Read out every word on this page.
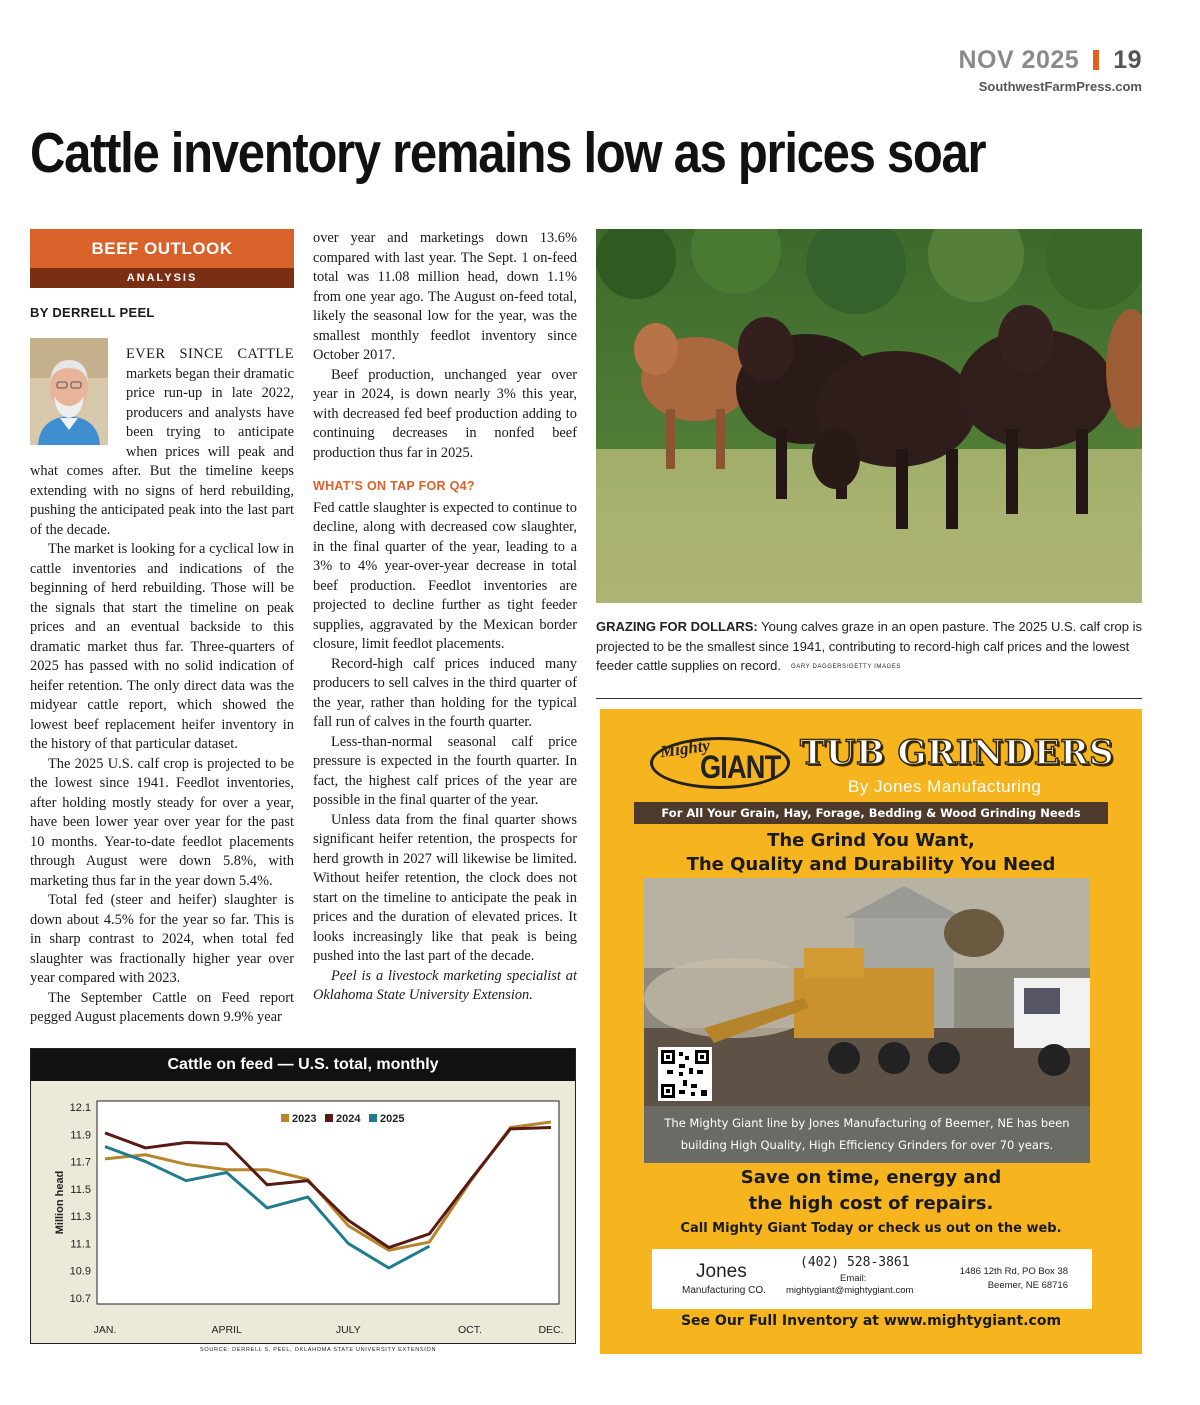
NOV 2025 19
SouthwestFarmPress.com
Cattle inventory remains low as prices soar
BEEF OUTLOOK
ANALYSIS
BY DERRELL PEEL

EVER SINCE CATTLE markets began their dramatic price run-up in late 2022, producers and analysts have been trying to anticipate when prices will peak and what comes after. But the timeline keeps extending with no signs of herd rebuilding, pushing the anticipated peak into the last part of the decade.

The market is looking for a cyclical low in cattle inventories and indications of the beginning of herd rebuilding. Those will be the signals that start the timeline on peak prices and an eventual backside to this dramatic market thus far. Three-quarters of 2025 has passed with no solid indication of heifer retention. The only direct data was the midyear cattle report, which showed the lowest beef replacement heifer inventory in the history of that particular dataset.

The 2025 U.S. calf crop is projected to be the lowest since 1941. Feedlot inventories, after holding mostly steady for over a year, have been lower year over year for the past 10 months. Year-to-date feedlot placements through August were down 5.8%, with marketing thus far in the year down 5.4%.

Total fed (steer and heifer) slaughter is down about 4.5% for the year so far. This is in sharp contrast to 2024, when total fed slaughter was fractionally higher year over year compared with 2023.

The September Cattle on Feed report pegged August placements down 9.9% year

over year and marketings down 13.6% compared with last year. The Sept. 1 on-feed total was 11.08 million head, down 1.1% from one year ago. The August on-feed total, likely the seasonal low for the year, was the smallest monthly feedlot inventory since October 2017.

Beef production, unchanged year over year in 2024, is down nearly 3% this year, with decreased fed beef production adding to continuing decreases in nonfed beef production thus far in 2025.

WHAT’S ON TAP FOR Q4?

Fed cattle slaughter is expected to continue to decline, along with decreased cow slaughter, in the final quarter of the year, leading to a 3% to 4% year-over-year decrease in total beef production. Feedlot inventories are projected to decline further as tight feeder supplies, aggravated by the Mexican border closure, limit feedlot placements.

Record-high calf prices induced many producers to sell calves in the third quarter of the year, rather than holding for the typical fall run of calves in the fourth quarter.

Less-than-normal seasonal calf price pressure is expected in the fourth quarter. In fact, the highest calf prices of the year are possible in the final quarter of the year.

Unless data from the final quarter shows significant heifer retention, the prospects for herd growth in 2027 will likewise be limited. Without heifer retention, the clock does not start on the timeline to anticipate the peak in prices and the duration of elevated prices. It looks increasingly like that peak is being pushed into the last part of the decade.

Peel is a livestock marketing specialist at Oklahoma State University Extension.

GRAZING FOR DOLLARS: Young calves graze in an open pasture. The 2025 U.S. calf crop is projected to be the smallest since 1941, contributing to record-high calf prices and the lowest feeder cattle supplies on record. GARY DAGGERS/GETTY IMAGES
Mighty
GIANT TUB GRINDERS
By Jones Manufacturing
For All Your Grain, Hay, Forage, Bedding & Wood Grinding Needs
The Grind You Want,
The Quality and Durability You Need
The Mighty Giant line by Jones Manufacturing of Beemer, NE has been
building High Quality, High Efficiency Grinders for over 70 years.
Save on time, energy and
the high cost of repairs.
Call Mighty Giant Today or check us out on the web.
Jones
Manufacturing CO.
(402) 528-3861
Email:
mightygiant@mightygiant.com
1486 12th Rd, PO Box 38
Beemer, NE 68716
See Our Full Inventory at www.mightygiant.com
Cattle on feed — U.S. total, monthly
12.1
11.9
11.7
11.5
11.3
11.1
10.9
10.7
Million head
JAN.	APRIL	JULY	OCT.	DEC.
2023 2024 2025
SOURCE: DERRELL S. PEEL, OKLAHOMA STATE UNIVERSITY EXTENSION
